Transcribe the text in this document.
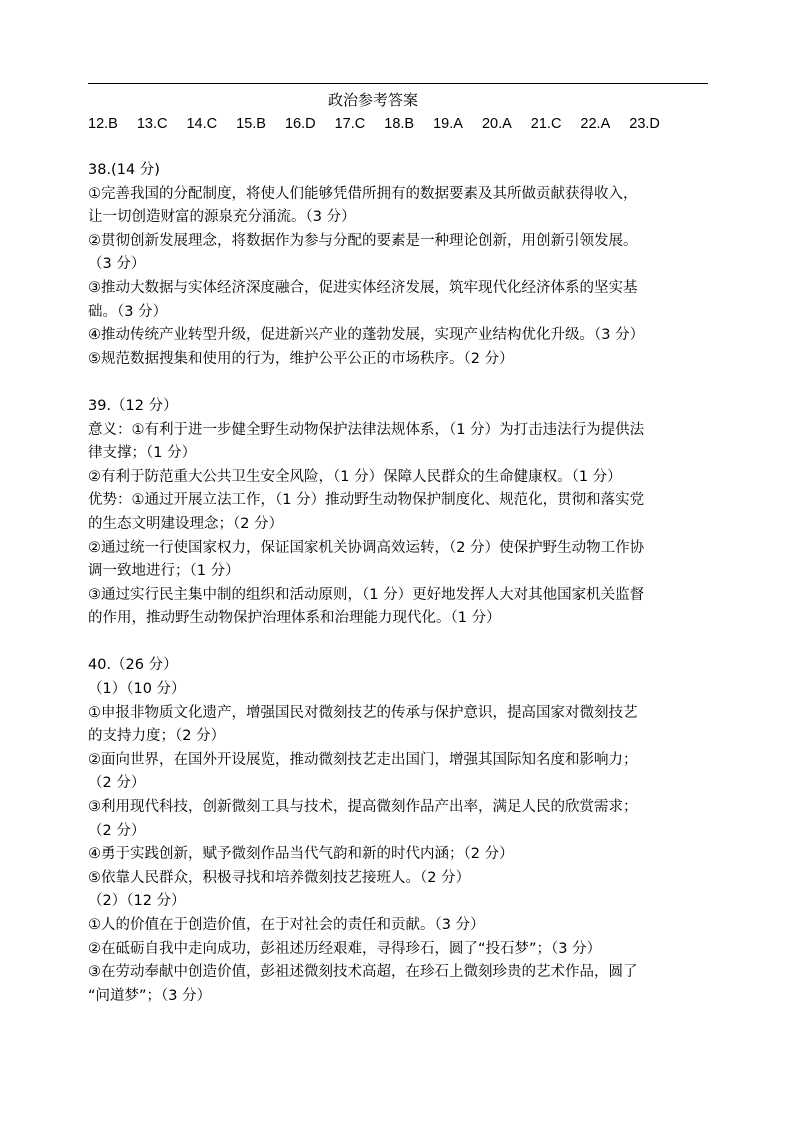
政治参考答案
12.B 13.C 14.C 15.B 16.D 17.C 18.B 19.A 20.A 21.C 22.A 23.D
38.(14 分)
①完善我国的分配制度，将使人们能够凭借所拥有的数据要素及其所做贡献获得收入，
让一切创造财富的源泉充分涌流。（3 分）
②贯彻创新发展理念，将数据作为参与分配的要素是一种理论创新，用创新引领发展。
（3 分）
③推动大数据与实体经济深度融合，促进实体经济发展，筑牢现代化经济体系的坚实基
础。（3 分）
④推动传统产业转型升级，促进新兴产业的蓬勃发展，实现产业结构优化升级。（3 分）
⑤规范数据搜集和使用的行为，维护公平公正的市场秩序。（2 分）
39.（12 分）
意义：①有利于进一步健全野生动物保护法律法规体系，（1 分）为打击违法行为提供法
律支撑；（1 分）
②有利于防范重大公共卫生安全风险，（1 分）保障人民群众的生命健康权。（1 分）
优势：①通过开展立法工作，（1 分）推动野生动物保护制度化、规范化，贯彻和落实党
的生态文明建设理念；（2 分）
②通过统一行使国家权力，保证国家机关协调高效运转，（2 分）使保护野生动物工作协
调一致地进行；（1 分）
③通过实行民主集中制的组织和活动原则，（1 分）更好地发挥人大对其他国家机关监督
的作用，推动野生动物保护治理体系和治理能力现代化。（1 分）
40.（26 分）
（1）（10 分）
①申报非物质文化遗产，增强国民对微刻技艺的传承与保护意识，提高国家对微刻技艺
的支持力度；（2 分）
②面向世界，在国外开设展览，推动微刻技艺走出国门，增强其国际知名度和影响力；
（2 分）
③利用现代科技，创新微刻工具与技术，提高微刻作品产出率，满足人民的欣赏需求；
（2 分）
④勇于实践创新，赋予微刻作品当代气韵和新的时代内涵；（2 分）
⑤依靠人民群众，积极寻找和培养微刻技艺接班人。（2 分）
（2）（12 分）
①人的价值在于创造价值，在于对社会的责任和贡献。（3 分）
②在砥砺自我中走向成功，彭祖述历经艰难，寻得珍石，圆了“投石梦”；（3 分）
③在劳动奉献中创造价值，彭祖述微刻技术高超，在珍石上微刻珍贵的艺术作品，圆了
“问道梦”；（3 分）
